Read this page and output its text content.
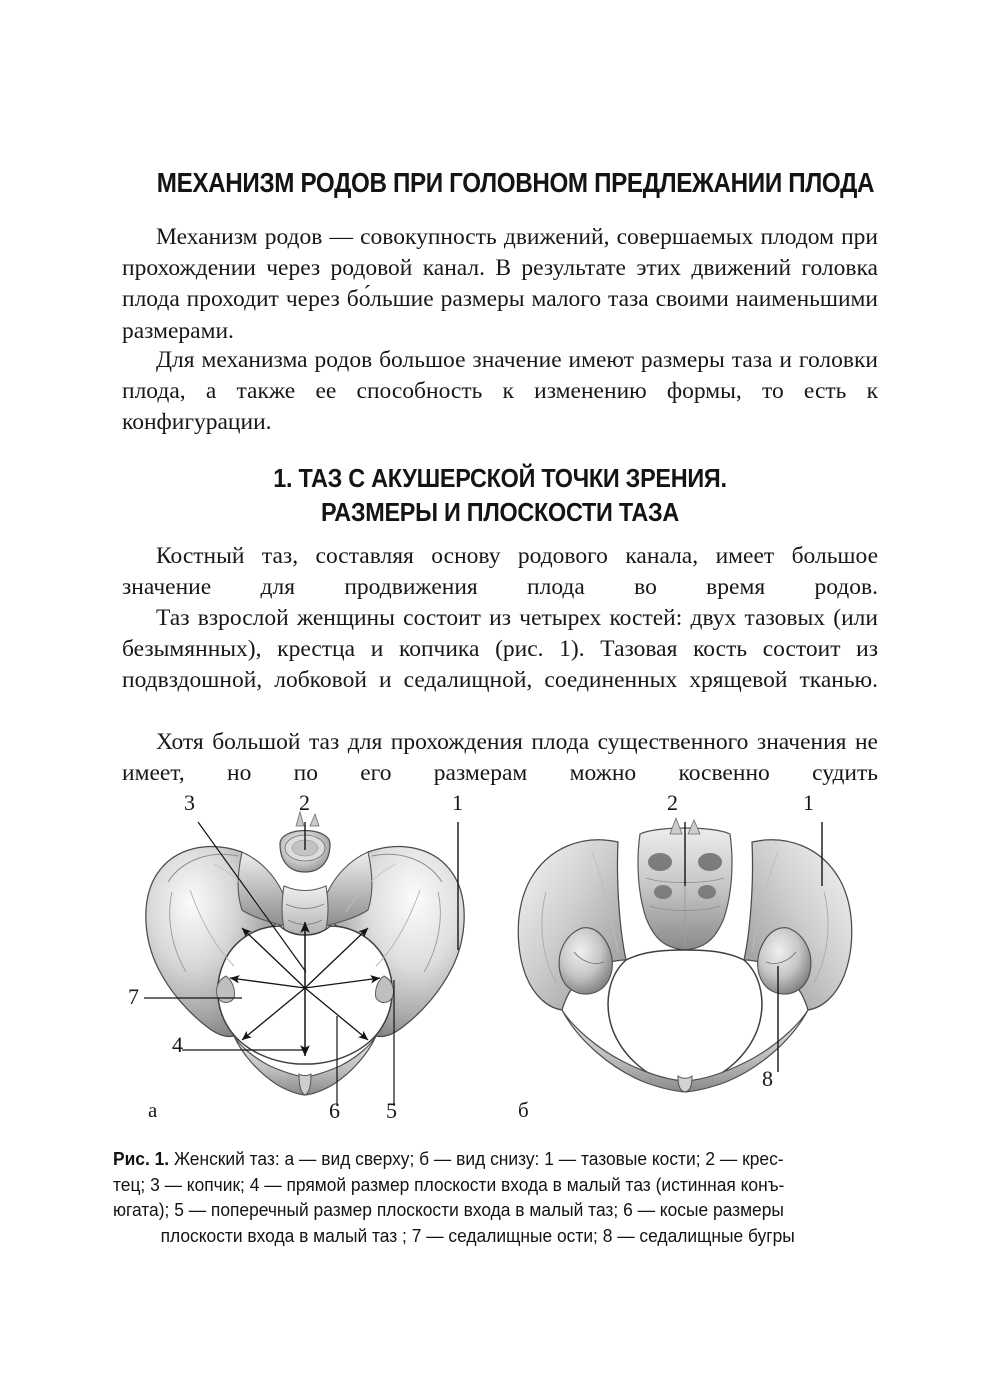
МЕХАНИЗМ РОДОВ ПРИ ГОЛОВНОМ ПРЕДЛЕЖАНИИ ПЛОДА
Механизм родов — совокупность движений, совершаемых плодом при прохождении через родовой канал. В результате этих движений головка плода проходит через бо́льшие размеры малого таза своими наименьшими размерами.
Для механизма родов большое значение имеют размеры таза и головки плода, а также ее способность к изменению формы, то есть к конфигурации.
1. ТАЗ С АКУШЕРСКОЙ ТОЧКИ ЗРЕНИЯ.
РАЗМЕРЫ И ПЛОСКОСТИ ТАЗА
Костный таз, составляя основу родового канала, имеет большое значение для продвижения плода во время родов.
Таз взрослой женщины состоит из четырех костей: двух тазовых (или безымянных), крестца и копчика (рис. 1). Тазовая кость состоит из подвздошной, лобковой и седалищной, соединенных хрящевой тканью.
Хотя большой таз для прохождения плода существенного значения не имеет, но по его размерам можно косвенно судить
3	2	1
7
4
6 5
2	1
8
а	б
Рис. 1. Женский таз: а — вид сверху; б — вид снизу: 1 — тазовые кости; 2 — крес-
тец; 3 — копчик; 4 — прямой размер плоскости входа в малый таз (истинная конъ-
югата); 5 — поперечный размер плоскости входа в малый таз; 6 — косые размеры
плоскости входа в малый таз ; 7 — седалищные ости; 8 — седалищные бугры
